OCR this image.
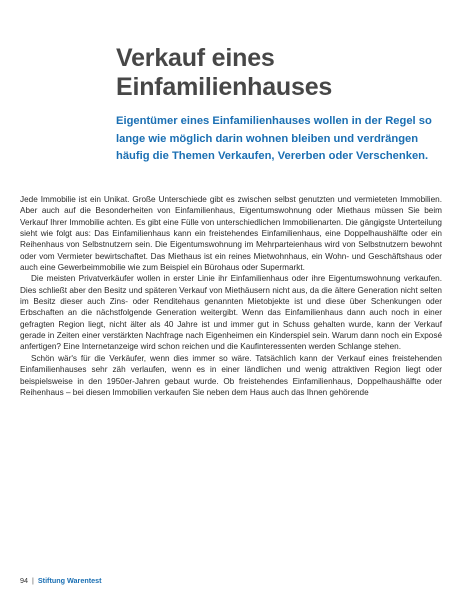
Verkauf eines
Einfamilienhauses

Eigentümer eines Einfamilienhauses wollen in der Regel so lange wie möglich darin wohnen bleiben und verdrängen häufig die Themen Verkaufen, Vererben oder Verschenken.

Jede Immobilie ist ein Unikat. Große Unterschiede gibt es zwischen selbst genutzten und vermieteten Immobilien. Aber auch auf die Besonderheiten von Einfamilienhaus, Eigentumswohnung oder Miethaus müssen Sie beim Verkauf Ihrer Immobilie achten. Es gibt eine Fülle von unterschiedlichen Immobilienarten. Die gängigste Unterteilung sieht wie folgt aus: Das Einfamilienhaus kann ein freistehendes Einfamilienhaus, eine Doppelhaushälfte oder ein Reihenhaus von Selbstnutzern sein. Die Eigentumswohnung im Mehrparteienhaus wird von Selbstnutzern bewohnt oder vom Vermieter bewirtschaftet. Das Miethaus ist ein reines Mietwohnhaus, ein Wohn- und Geschäftshaus oder auch eine Gewerbeimmobilie wie zum Beispiel ein Bürohaus oder Supermarkt.

Die meisten Privatverkäufer wollen in erster Linie ihr Einfamilienhaus oder ihre Eigentumswohnung verkaufen. Dies schließt aber den Besitz und späteren Verkauf von Miethäusern nicht aus, da die ältere Generation nicht selten im Besitz dieser auch Zins- oder Renditehaus genannten Mietobjekte ist und diese über Schenkungen oder Erbschaften an die nächstfolgende Generation weitergibt. Wenn das Einfamilienhaus dann auch noch in einer gefragten Region liegt, nicht älter als 40 Jahre ist und immer gut in Schuss gehalten wurde, kann der Verkauf gerade in Zeiten einer verstärkten Nachfrage nach Eigenheimen ein Kinderspiel sein. Warum dann noch ein Exposé anfertigen? Eine Internetanzeige wird schon reichen und die Kaufinteressenten werden Schlange stehen.

Schön wär's für die Verkäufer, wenn dies immer so wäre. Tatsächlich kann der Verkauf eines freistehenden Einfamilienhauses sehr zäh verlaufen, wenn es in einer ländlichen und wenig attraktiven Region liegt oder beispielsweise in den 1950er-Jahren gebaut wurde. Ob freistehendes Einfamilienhaus, Doppelhaushälfte oder Reihenhaus – bei diesen Immobilien verkaufen Sie neben dem Haus auch das Ihnen gehörende

94 | Stiftung Warentest
